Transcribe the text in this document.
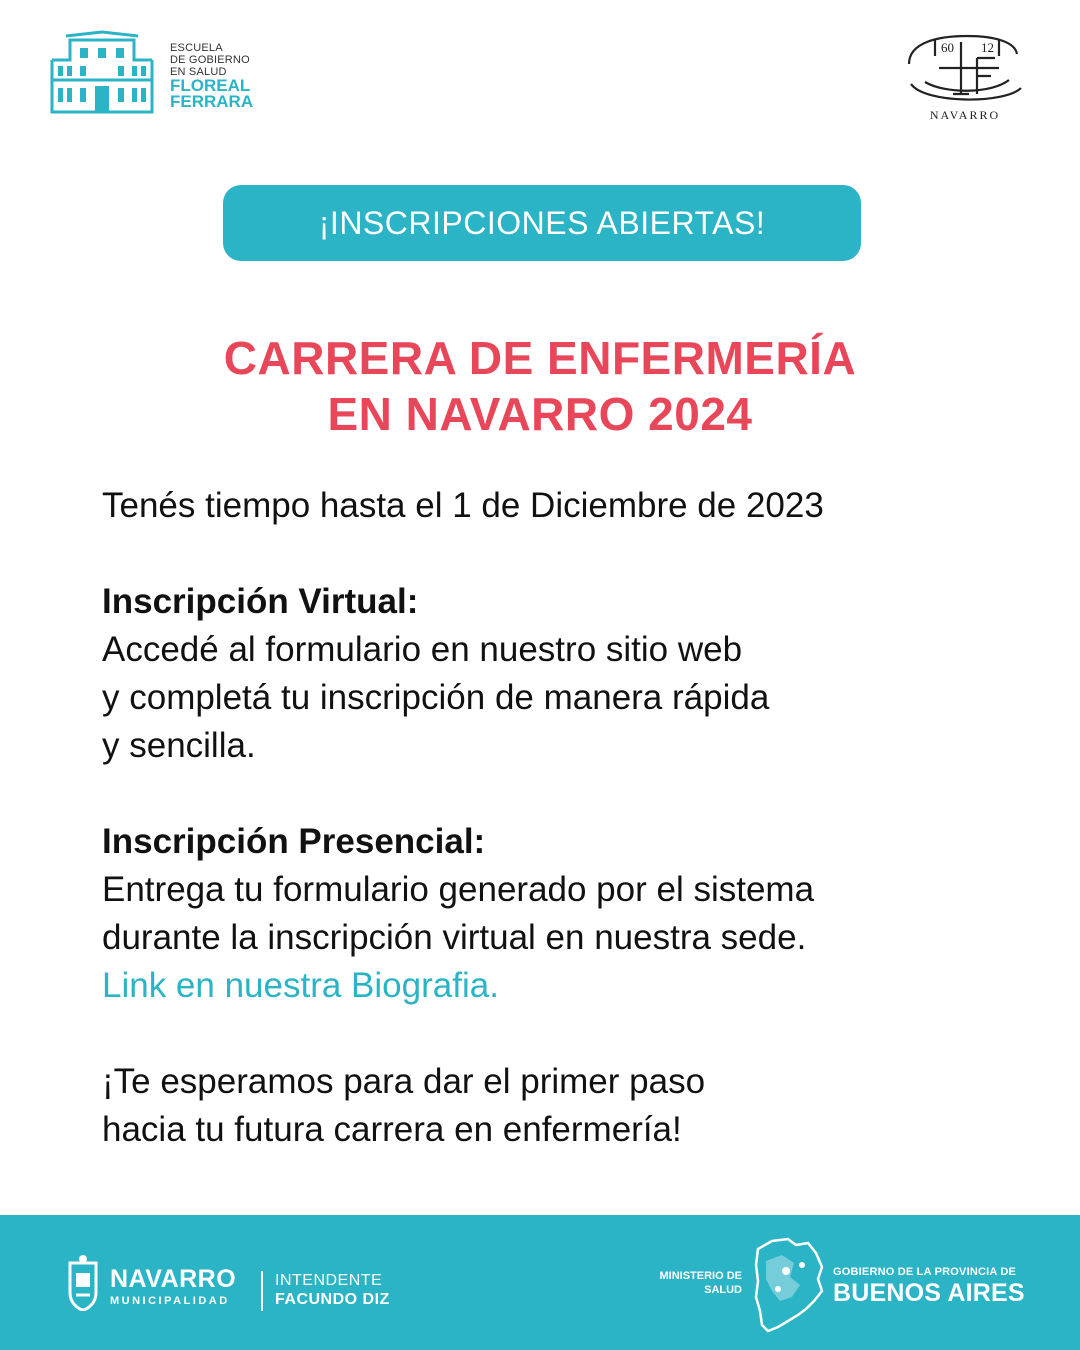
ESCUELA
DE GOBIERNO
EN SALUD
FLOREAL
FERRARA
60 12
NAVARRO
¡INSCRIPCIONES ABIERTAS!
CARRERA DE ENFERMERÍA
EN NAVARRO 2024

Tenés tiempo hasta el 1 de Diciembre de 2023

Inscripción Virtual:

Accedé al formulario en nuestro sitio web

y completá tu inscripción de manera rápida

y sencilla.

Inscripción Presencial:

Entrega tu formulario generado por el sistema

durante la inscripción virtual en nuestra sede.

Link en nuestra Biografia.

¡Te esperamos para dar el primer paso

hacia tu futura carrera en enfermería!

NAVARRO
MUNICIPALIDAD
INTENDENTE
FACUNDO DIZ
MINISTERIO DE
SALUD
GOBIERNO DE LA PROVINCIA DE
BUENOS AIRES
